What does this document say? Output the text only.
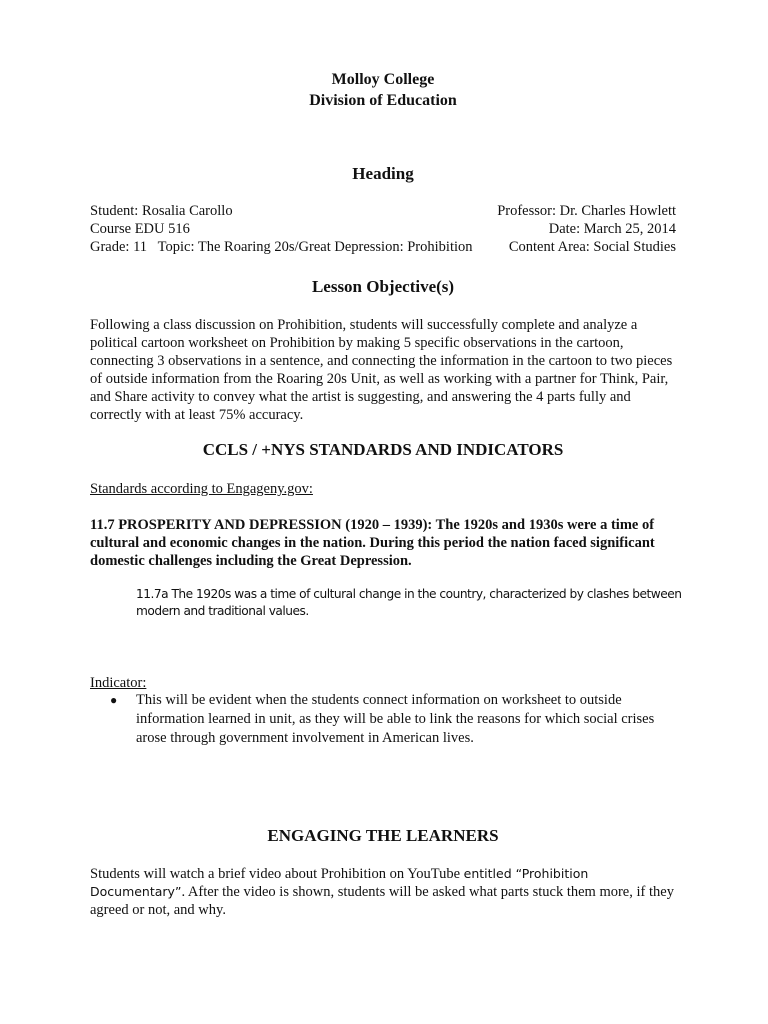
Molloy College
Division of Education
Heading
Student: Rosalia Carollo	Professor: Dr. Charles Howlett
Course EDU 516	Date: March 25, 2014
Grade: 11   Topic: The Roaring 20s/Great Depression: Prohibition	Content Area: Social Studies
Lesson Objective(s)
Following a class discussion on Prohibition, students will successfully complete and analyze a political cartoon worksheet on Prohibition by making 5 specific observations in the cartoon, connecting 3 observations in a sentence, and connecting the information in the cartoon to two pieces of outside information from the Roaring 20s Unit, as well as working with a partner for Think, Pair, and Share activity to convey what the artist is suggesting, and answering the 4 parts fully and correctly with at least 75% accuracy.
CCLS / +NYS STANDARDS AND INDICATORS
Standards according to Engageny.gov:
11.7 PROSPERITY AND DEPRESSION (1920 – 1939): The 1920s and 1930s were a time of cultural and economic changes in the nation. During this period the nation faced significant domestic challenges including the Great Depression.
11.7a The 1920s was a time of cultural change in the country, characterized by clashes between modern and traditional values.
Indicator:
●	This will be evident when the students connect information on worksheet to outside information learned in unit, as they will be able to link the reasons for which social crises arose through government involvement in American lives.
ENGAGING THE LEARNERS
Students will watch a brief video about Prohibition on YouTube entitled “Prohibition Documentary”. After the video is shown, students will be asked what parts stuck them more, if they agreed or not, and why.
